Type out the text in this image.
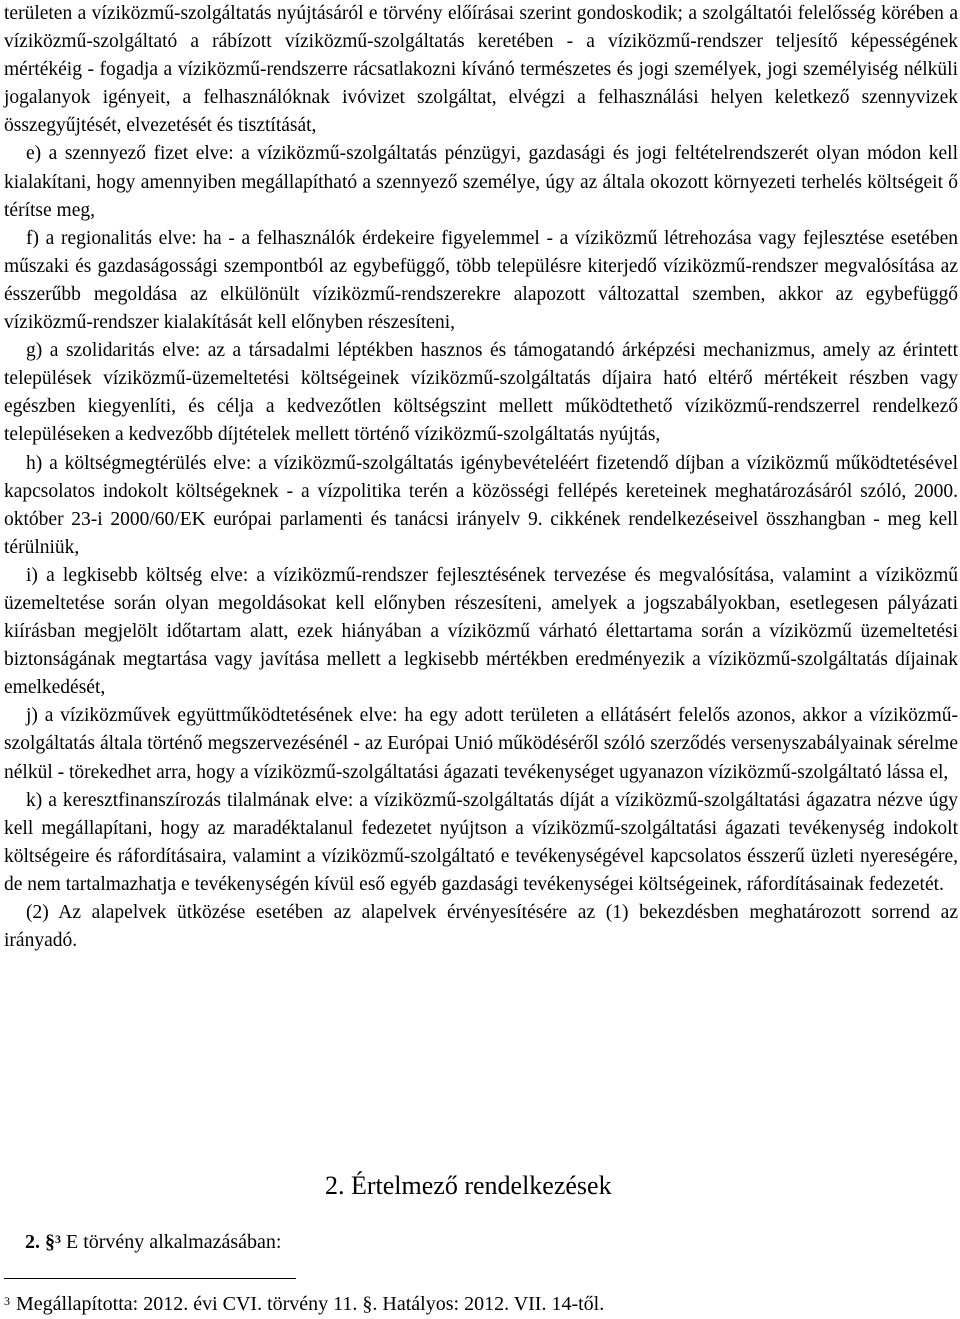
területen a víziközmű-szolgáltatás nyújtásáról e törvény előírásai szerint gondoskodik; a szolgáltatói felelősség körében a víziközmű-szolgáltató a rábízott víziközmű-szolgáltatás keretében - a víziközmű-rendszer teljesítő képességének mértékéig - fogadja a víziközmű-rendszerre rácsatlakozni kívánó természetes és jogi személyek, jogi személyiség nélküli jogalanyok igényeit, a felhasználóknak ivóvizet szolgáltat, elvégzi a felhasználási helyen keletkező szennyvizek összegyűjtését, elvezetését és tisztítását,

e) a szennyező fizet elve: a víziközmű-szolgáltatás pénzügyi, gazdasági és jogi feltételrendszerét olyan módon kell kialakítani, hogy amennyiben megállapítható a szennyező személye, úgy az általa okozott környezeti terhelés költségeit ő térítse meg,

f) a regionalitás elve: ha - a felhasználók érdekeire figyelemmel - a víziközmű létrehozása vagy fejlesztése esetében műszaki és gazdaságossági szempontból az egybefüggő, több településre kiterjedő víziközmű-rendszer megvalósítása az ésszerűbb megoldása az elkülönült víziközmű-rendszerekre alapozott változattal szemben, akkor az egybefüggő víziközmű-rendszer kialakítását kell előnyben részesíteni,

g) a szolidaritás elve: az a társadalmi léptékben hasznos és támogatandó árképzési mechanizmus, amely az érintett települések víziközmű-üzemeltetési költségeinek víziközmű-szolgáltatás díjaira ható eltérő mértékeit részben vagy egészben kiegyenlíti, és célja a kedvezőtlen költségszint mellett működtethető víziközmű-rendszerrel rendelkező településeken a kedvezőbb díjtételek mellett történő víziközmű-szolgáltatás nyújtás,

h) a költségmegtérülés elve: a víziközmű-szolgáltatás igénybevételéért fizetendő díjban a víziközmű működtetésével kapcsolatos indokolt költségeknek - a vízpolitika terén a közösségi fellépés kereteinek meghatározásáról szóló, 2000. október 23-i 2000/60/EK európai parlamenti és tanácsi irányelv 9. cikkének rendelkezéseivel összhangban - meg kell térülniük,

i) a legkisebb költség elve: a víziközmű-rendszer fejlesztésének tervezése és megvalósítása, valamint a víziközmű üzemeltetése során olyan megoldásokat kell előnyben részesíteni, amelyek a jogszabályokban, esetlegesen pályázati kiírásban megjelölt időtartam alatt, ezek hiányában a víziközmű várható élettartama során a víziközmű üzemeltetési biztonságának megtartása vagy javítása mellett a legkisebb mértékben eredményezik a víziközmű-szolgáltatás díjainak emelkedését,

j) a víziközművek együttműködtetésének elve: ha egy adott területen a ellátásért felelős azonos, akkor a víziközmű-szolgáltatás általa történő megszervezésénél - az Európai Unió működéséről szóló szerződés versenyszabályainak sérelme nélkül - törekedhet arra, hogy a víziközmű-szolgáltatási ágazati tevékenységet ugyanazon víziközmű-szolgáltató lássa el,

k) a keresztfinanszírozás tilalmának elve: a víziközmű-szolgáltatás díját a víziközmű-szolgáltatási ágazatra nézve úgy kell megállapítani, hogy az maradéktalanul fedezetet nyújtson a víziközmű-szolgáltatási ágazati tevékenység indokolt költségeire és ráfordításaira, valamint a víziközmű-szolgáltató e tevékenységével kapcsolatos ésszerű üzleti nyereségére, de nem tartalmazhatja e tevékenységén kívül eső egyéb gazdasági tevékenységei költségeinek, ráfordításainak fedezetét.

(2) Az alapelvek ütközése esetében az alapelvek érvényesítésére az (1) bekezdésben meghatározott sorrend az irányadó.

2. Értelmező rendelkezések
2. §$^3$ E törvény alkalmazásában:
$^3$ Megállapította: 2012. évi CVI. törvény 11. §. Hatályos: 2012. VII. 14-től.
